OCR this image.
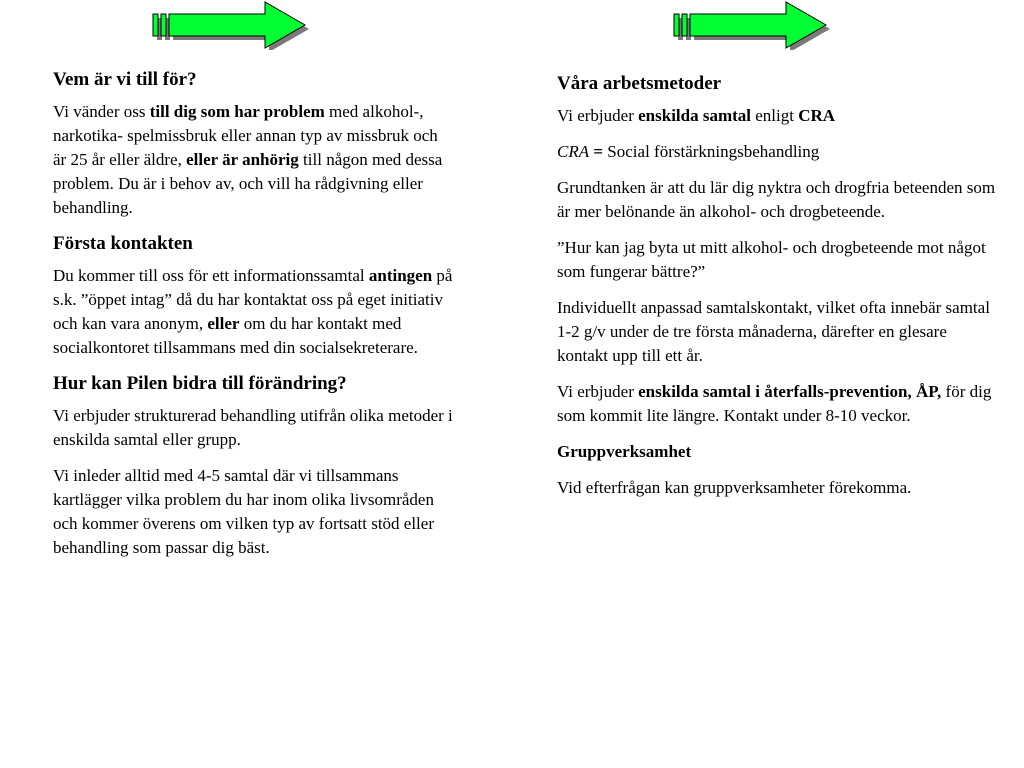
Vem är vi till för?

Vi vänder oss till dig som har problem med alkohol-, narkotika- spelmissbruk eller annan typ av missbruk och är 25 år eller äldre, eller är anhörig till någon med dessa problem. Du är i behov av, och vill ha rådgivning eller behandling.

Första kontakten

Du kommer till oss för ett informationssamtal antingen på s.k. ”öppet intag” då du har kontaktat oss på eget initiativ och kan vara anonym, eller om du har kontakt med socialkontoret tillsammans med din socialsekreterare.

Hur kan Pilen bidra till förändring?

Vi erbjuder strukturerad behandling utifrån olika metoder i enskilda samtal eller grupp.

Vi inleder alltid med 4-5 samtal där vi tillsammans kartlägger vilka problem du har inom olika livsområden och kommer överens om vilken typ av fortsatt stöd eller behandling som passar dig bäst.

Våra arbetsmetoder

Vi erbjuder enskilda samtal enligt CRA

CRA = Social förstärkningsbehandling

Grundtanken är att du lär dig nyktra och drogfria beteenden som är mer belönande än alkohol- och drogbeteende.

”Hur kan jag byta ut mitt alkohol- och drogbeteende mot något som fungerar bättre?”

Individuellt anpassad samtalskontakt, vilket ofta innebär samtal 1-2 g/v under de tre första månaderna, därefter en glesare kontakt upp till ett år.

Vi erbjuder enskilda samtal i återfalls-prevention, ÅP, för dig som kommit lite längre. Kontakt under 8-10 veckor.

Gruppverksamhet

Vid efterfrågan kan gruppverksamheter förekomma.
